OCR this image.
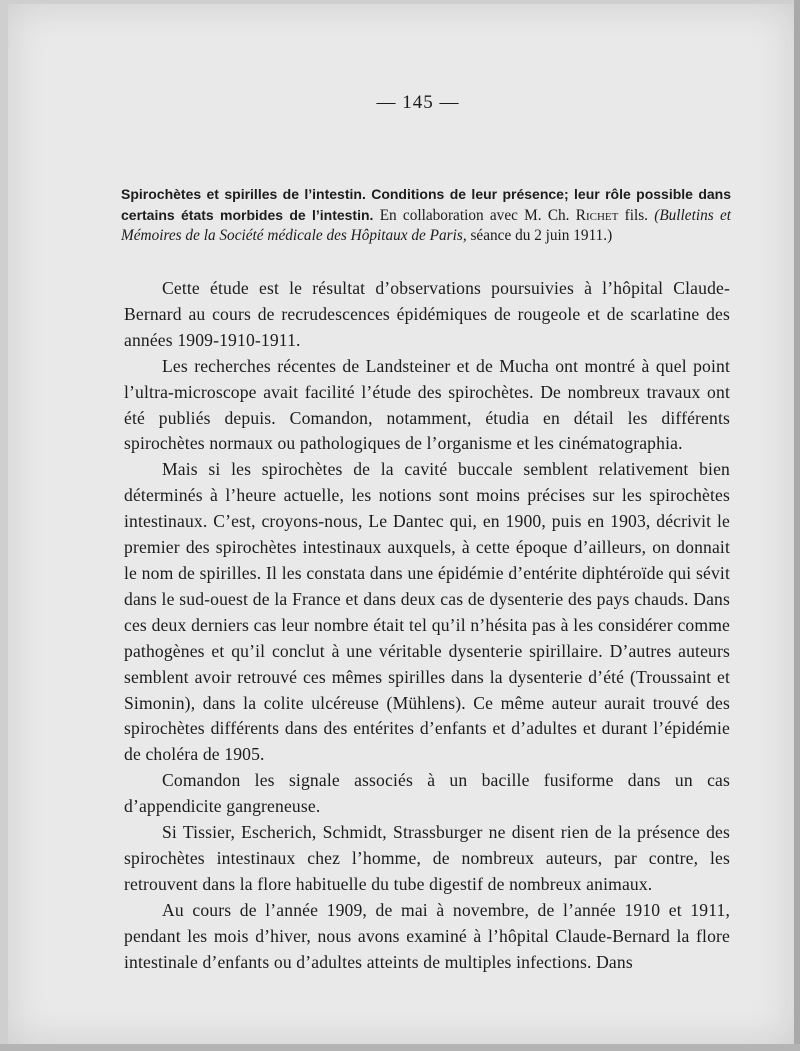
— 145 —
Spirochètes et spirilles de l’intestin. Conditions de leur présence; leur rôle possible dans certains états morbides de l’intestin. En collaboration avec M. Ch. Richet fils. (Bulletins et Mémoires de la Société médicale des Hôpitaux de Paris, séance du 2 juin 1911.)

Cette étude est le résultat d’observations poursuivies à l’hôpital Claude-Bernard au cours de recrudescences épidémiques de rougeole et de scarlatine des années 1909-1910-1911.

Les recherches récentes de Landsteiner et de Mucha ont montré à quel point l’ultra-microscope avait facilité l’étude des spirochètes. De nombreux travaux ont été publiés depuis. Comandon, notamment, étudia en détail les différents spirochètes normaux ou pathologiques de l’organisme et les cinématographia.

Mais si les spirochètes de la cavité buccale semblent relativement bien déterminés à l’heure actuelle, les notions sont moins précises sur les spirochètes intestinaux. C’est, croyons-nous, Le Dantec qui, en 1900, puis en 1903, décrivit le premier des spirochètes intestinaux auxquels, à cette époque d’ailleurs, on donnait le nom de spirilles. Il les constata dans une épidémie d’entérite diphtéroïde qui sévit dans le sud-ouest de la France et dans deux cas de dysenterie des pays chauds. Dans ces deux derniers cas leur nombre était tel qu’il n’hésita pas à les considérer comme pathogènes et qu’il conclut à une véritable dysenterie spirillaire. D’autres auteurs semblent avoir retrouvé ces mêmes spirilles dans la dysenterie d’été (Troussaint et Simonin), dans la colite ulcéreuse (Mühlens). Ce même auteur aurait trouvé des spirochètes différents dans des entérites d’enfants et d’adultes et durant l’épidémie de choléra de 1905.

Comandon les signale associés à un bacille fusiforme dans un cas d’appendicite gangreneuse.

Si Tissier, Escherich, Schmidt, Strassburger ne disent rien de la présence des spirochètes intestinaux chez l’homme, de nombreux auteurs, par contre, les retrouvent dans la flore habituelle du tube digestif de nombreux animaux.

Au cours de l’année 1909, de mai à novembre, de l’année 1910 et 1911, pendant les mois d’hiver, nous avons examiné à l’hôpital Claude-Bernard la flore intestinale d’enfants ou d’adultes atteints de multiples infections. Dans
